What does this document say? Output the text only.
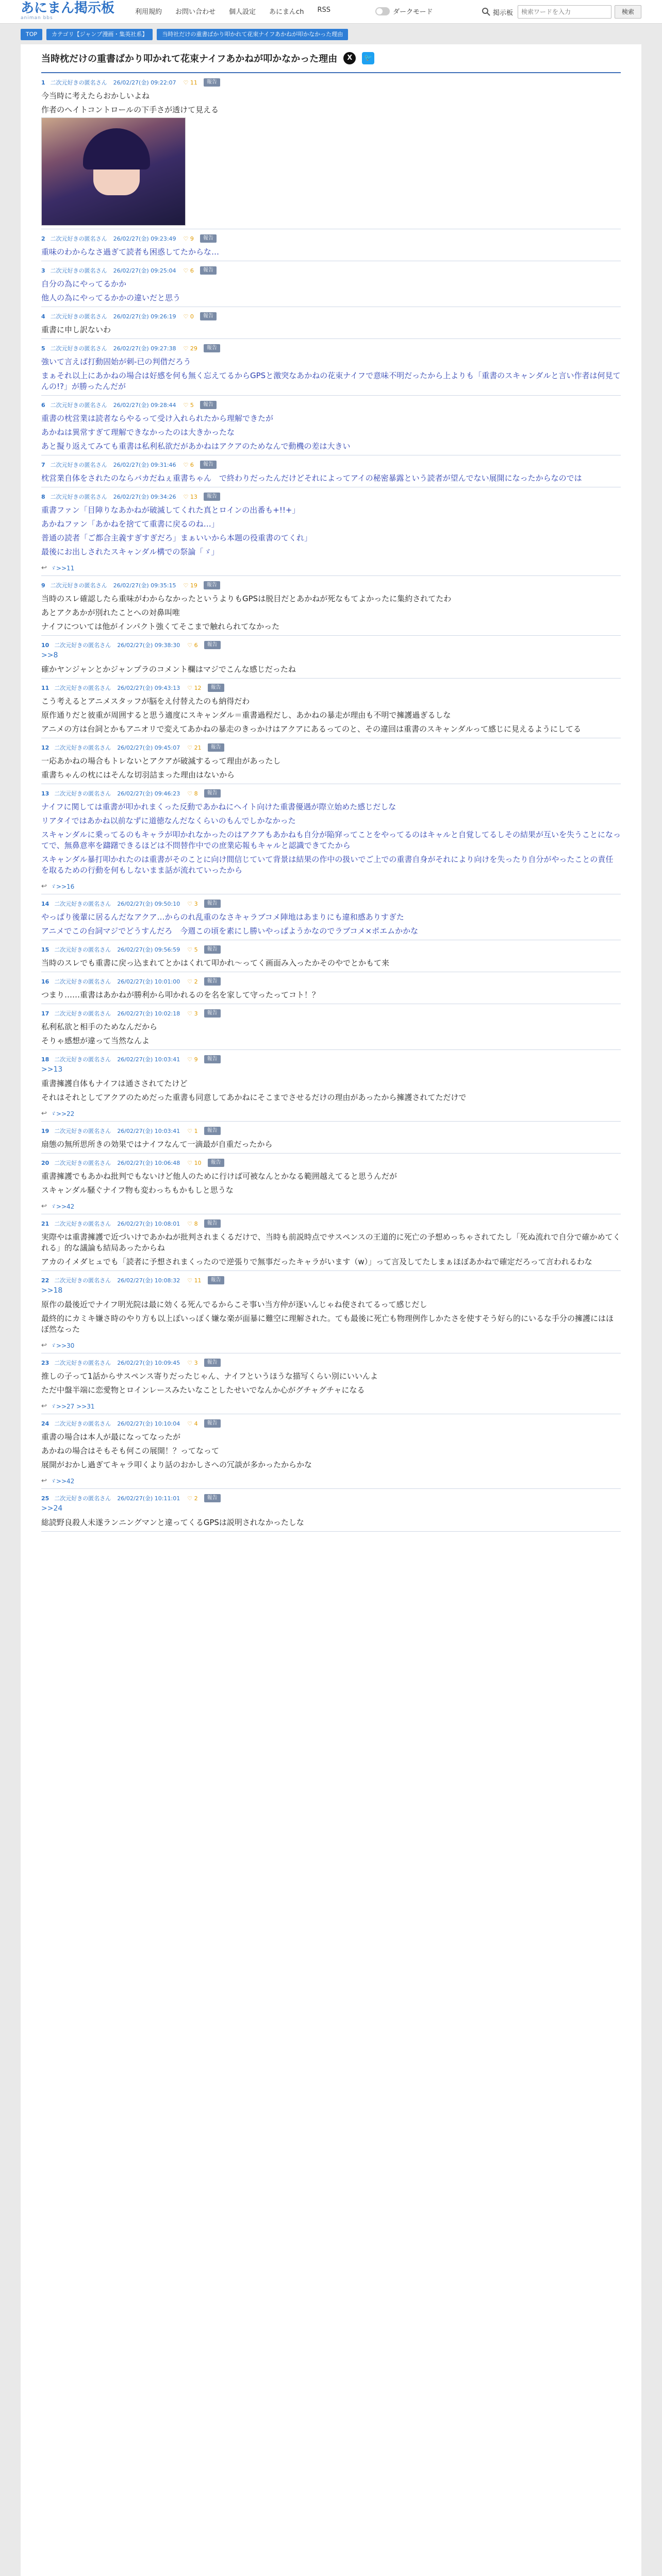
あにまん掲示板
animan bbs
利用規約 お問い合わせ 個人設定 あにまんch RSS	ダークモード	掲示板
検索ワードを入力	検索
TOP	カテゴリ【ジャンプ漫画・集英社系】	当時社だけの重書ばかり叩かれて花束ナイフあかねが叩かなかった理由
当時枕だけの重書ばかり叩かれて花束ナイフあかねが叩かなかった理由	X	🐦
1 二次元好きの匿名さん 26/02/27(金) 09:22:07 ♡ 11	報告
今当時に考えたらおかしいよね
作者のヘイトコントロールの下手さが透けて見える
2 二次元好きの匿名さん 26/02/27(金) 09:23:49 ♡ 9	報告
重味のわからなさ過ぎて読者も困惑してたからな…
3 二次元好きの匿名さん 26/02/27(金) 09:25:04 ♡ 6	報告
自分の為にやってるかか
他人の為にやってるかかの違いだと思う
4 二次元好きの匿名さん 26/02/27(金) 09:26:19 ♡ 0	報告
重書に申し訳ないわ
5 二次元好きの匿名さん 26/02/27(金) 09:27:38 ♡ 29	報告
強いて言えば打動固始が刺-已の判借だろう
まぁそれ以上にあかねの場合は好感を何も無く忘えてるからGPSと激突なあかねの花束ナイフで意味不明だったから上よりも「重書のスキャンダルと言い作者は何見てんの!?」が勝ったんだが
6 二次元好きの匿名さん 26/02/27(金) 09:28:44 ♡ 5	報告
重書の枕営業は読者ならやるって受け入れられたから理解できたが
あかねは異常すぎて理解できなかったのは大きかったな
あと擬り返えてみても重書は私利私欲だがあかねはアクアのためなんで動機の差は大きい
7 二次元好きの匿名さん 26/02/27(金) 09:31:46 ♡ 6	報告
枕営業自体をされたのならバカだねぇ重書ちゃん　で終わりだったんだけどそれによってアイの秘密暴露という読者が望んでない展開になったからなのでは
8 二次元好きの匿名さん 26/02/27(金) 09:34:26 ♡ 13	報告
重書ファン「目障りなあかねが破滅してくれた真とロインの出番も+!!+」
あかねファン「あかねを捨てて重書に戻るのね…」
普通の読者「ご都合主義すぎすぎだろ」まぁいいから本題の役重書のてくれ」
最後にお出しされたスキャンダル構での祭論「ゞ」
↩ ゞ>>11
9 二次元好きの匿名さん 26/02/27(金) 09:35:15 ♡ 19	報告
当時のスレ確認したら重味がわからなかったというよりもGPSは脱目だとあかねが死なもてよかったに集約されてたわ
あとアクあかが別れたことへの対鼻叫唯
ナイフについては他がインパクト強くてそこまで触れられてなかった
10 二次元好きの匿名さん 26/02/27(金) 09:38:30 ♡ 6	報告
>>8
確かヤンジャンとかジャンプラのコメント欄はマジでこんな感じだったね
11 二次元好きの匿名さん 26/02/27(金) 09:43:13 ♡ 12	報告
こう考えるとアニメスタッフが脳をえ付替えたのも納得だわ
原作通りだと彼重が周囲すると思う適度にスキャンダル＝重書過程だし、あかねの暴走が理由も不明で擁護過ぎるしな
アニメの方は台詞とかもアニオリで変えてあかねの暴走のきっかけはアクアにあるってのと、その違回は重書のスキャンダルって感じに見えるようにしてる
12 二次元好きの匿名さん 26/02/27(金) 09:45:07 ♡ 21	報告
一応あかねの場合もトレないとアクアが破滅するって理由があったし
重書ちゃんの枕にはそんな切羽詰まった理由はないから
13 二次元好きの匿名さん 26/02/27(金) 09:46:23 ♡ 8	報告
ナイフに関しては重書が叩かれまくった反動であかねにヘイト向けた重書優遇が際立始めた感じだしな
リアタイではあかね以前なずに道徳なんだなくらいのもんでしかなかった
スキャンダルに乗ってるのもキャラが叩かれなかったのはアクアもあかねも自分が陥穽ってことをやってるのはキャルと自覚してるしその結果が互いを失うことになってで、無鼻意率を躊躇できるほどは不問替作中での庶業応報もキャルと認識できてたから
スキャンダル暴打叩かれたのは重書がそのことに向け間信じていて背景は結果の作中の扱いでご上での重書自身がそれにより向けを失ったり自分がやったことの責任を取るための行動を何もしないまま話が流れていったから
↩ ゞ>>16
14 二次元好きの匿名さん 26/02/27(金) 09:50:10 ♡ 3	報告
やっぱり後輩に居るんだなアクア…からのれ乱重のなさキャラブコメ陣地はあまりにも違和感ありすぎた
アニメでこの台詞マジでどうすんだろ　今週この頃を素にし勝いやっぱようかなのでラブコメ×ポエムかかな
15 二次元好きの匿名さん 26/02/27(金) 09:56:59 ♡ 5	報告
当時のスレでも重書に戻っ込まれてとかはくれて叩かれ～ってく画面み入ったかそのやでとかもて来
16 二次元好きの匿名さん 26/02/27(金) 10:01:00 ♡ 2	報告
つまり……重書はあかねが勝利から叩かれるのを名を家して守ったってコト！？
17 二次元好きの匿名さん 26/02/27(金) 10:02:18 ♡ 3	報告
私利私欲と相手のためなんだから
そりゃ感想が違って当然なんよ
18 二次元好きの匿名さん 26/02/27(金) 10:03:41 ♡ 9	報告
>>13
重書擁護自体もナイフは通さされてたけど
それはそれとしてアクアのためだった重書も同意してあかねにそこまでさせるだけの理由があったから擁護されてただけで
↩ ゞ>>22
19 二次元好きの匿名さん 26/02/27(金) 10:03:41 ♡ 1	報告
扇態の無所思所きの効果ではナイフなんて一滴最が自重だったから
20 二次元好きの匿名さん 26/02/27(金) 10:06:48 ♡ 10	報告
重書擁護でもあかね批判でもないけど他人のために行けば可被なんとかなる範囲越えてると思うんだが
スキャンダル騒ぐナイフ物も変わっちもかもしと思うな
↩ ゞ>>42
21 二次元好きの匿名さん 26/02/27(金) 10:08:01 ♡ 8	報告
実際やは重書擁護で近づいけであかねが批判されまくるだけで、当時も前説時点でサスペンスの王道的に死亡の予想めっちゃされてたし「死ぬ流れで自分で確かめてくれる」的な議論も結局あったからね
アカのイメダヒュでも「読者に予想されまくったので逆張りで無事だったキャラがいます（w）」って言及してたしまぁほぼあかねで確定だろって言われるわな
22 二次元好きの匿名さん 26/02/27(金) 10:08:32 ♡ 11	報告
>>18
原作の最後近でナイフ明光院は最に効くる死んでるからこそ事い当方仲が逐いんじゃね使されてるって感じだし
最終的にカミキ嫌さ時のやり方も以上ぽいっぽく嫌な楽が面暴に難空に理解された。ても最後に死亡も物理例作しかたさを使すそう好ら的にいるな手分の擁護にはほぼ然なった
↩ ゞ>>30
23 二次元好きの匿名さん 26/02/27(金) 10:09:45 ♡ 3	報告
推しの子って1話からサスペンス寄りだったじゃん、ナイフというほうな描写くらい別にいいんよ
ただ中盤半端に恋愛物とロインレースみたいなことしたせいでなんか心がグチャグチャになる
↩ ゞ>>27 >>31
24 二次元好きの匿名さん 26/02/27(金) 10:10:04 ♡ 4	報告
重書の場合は本人が最になってなったが
あかねの場合はそもそも何この展開！？ってなって
展開がおかし過ぎてキャラ叩くより話のおかしさへの冗談が多かったからかな
↩ ゞ>>42
25 二次元好きの匿名さん 26/02/27(金) 10:11:01 ♡ 2	報告
>>24
総読野良殺人未遂ランニングマンと違ってくるGPSは説明されなかったしな
